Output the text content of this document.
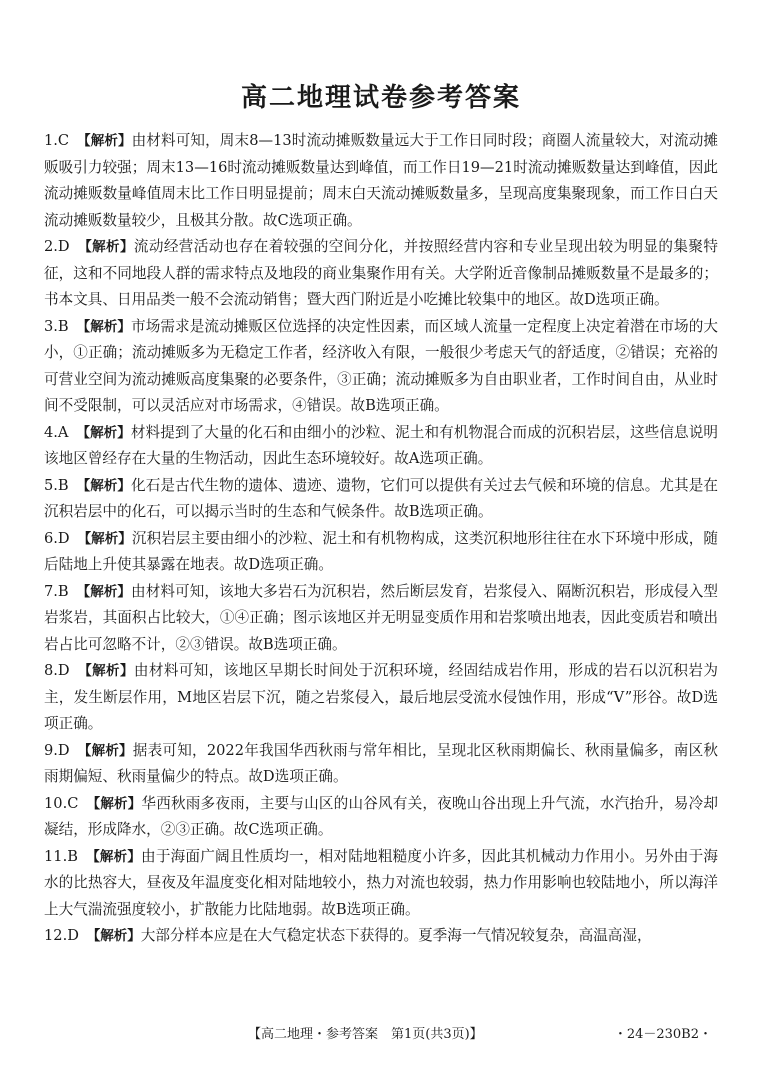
高二地理试卷参考答案

1.C　 【解析】由材料可知，周末8—13时流动摊贩数量远大于工作日同时段；商圈人流量较大，对流动摊贩吸引力较强；周末13—16时流动摊贩数量达到峰值，而工作日19—21时流动摊贩数量达到峰值，因此流动摊贩数量峰值周末比工作日明显提前；周末白天流动摊贩数量多，呈现高度集聚现象，而工作日白天流动摊贩数量较少，且极其分散。故C选项正确。

2.D　 【解析】流动经营活动也存在着较强的空间分化，并按照经营内容和专业呈现出较为明显的集聚特征，这和不同地段人群的需求特点及地段的商业集聚作用有关。大学附近音像制品摊贩数量不是最多的；书本文具、日用品类一般不会流动销售；暨大西门附近是小吃摊比较集中的地区。故D选项正确。

3.B　 【解析】市场需求是流动摊贩区位选择的决定性因素，而区域人流量一定程度上决定着潜在市场的大小，①正确；流动摊贩多为无稳定工作者，经济收入有限，一般很少考虑天气的舒适度，②错误；充裕的可营业空间为流动摊贩高度集聚的必要条件，③正确；流动摊贩多为自由职业者，工作时间自由，从业时间不受限制，可以灵活应对市场需求，④错误。故B选项正确。

4.A　 【解析】材料提到了大量的化石和由细小的沙粒、泥土和有机物混合而成的沉积岩层，这些信息说明该地区曾经存在大量的生物活动，因此生态环境较好。故A选项正确。

5.B　 【解析】化石是古代生物的遗体、遗迹、遗物，它们可以提供有关过去气候和环境的信息。尤其是在沉积岩层中的化石，可以揭示当时的生态和气候条件。故B选项正确。

6.D　 【解析】沉积岩层主要由细小的沙粒、泥土和有机物构成，这类沉积地形往往在水下环境中形成，随后陆地上升使其暴露在地表。故D选项正确。

7.B　 【解析】由材料可知，该地大多岩石为沉积岩，然后断层发育，岩浆侵入、隔断沉积岩，形成侵入型岩浆岩，其面积占比较大，①④正确；图示该地区并无明显变质作用和岩浆喷出地表，因此变质岩和喷出岩占比可忽略不计，②③错误。故B选项正确。

8.D　 【解析】由材料可知，该地区早期长时间处于沉积环境，经固结成岩作用，形成的岩石以沉积岩为主，发生断层作用，M地区岩层下沉，随之岩浆侵入，最后地层受流水侵蚀作用，形成“V”形谷。故D选项正确。

9.D　 【解析】据表可知，2022年我国华西秋雨与常年相比，呈现北区秋雨期偏长、秋雨量偏多，南区秋雨期偏短、秋雨量偏少的特点。故D选项正确。

10.C　 【解析】华西秋雨多夜雨，主要与山区的山谷风有关，夜晚山谷出现上升气流，水汽抬升，易冷却凝结，形成降水，②③正确。故C选项正确。

11.B　 【解析】由于海面广阔且性质均一，相对陆地粗糙度小许多，因此其机械动力作用小。另外由于海水的比热容大，昼夜及年温度变化相对陆地较小，热力对流也较弱，热力作用影响也较陆地小，所以海洋上大气湍流强度较小，扩散能力比陆地弱。故B选项正确。

12.D　 【解析】大部分样本应是在大气稳定状态下获得的。夏季海一气情况较复杂，高温高湿，

【高二地理・参考答案　第1页(共3页)】	・24－230B2・
